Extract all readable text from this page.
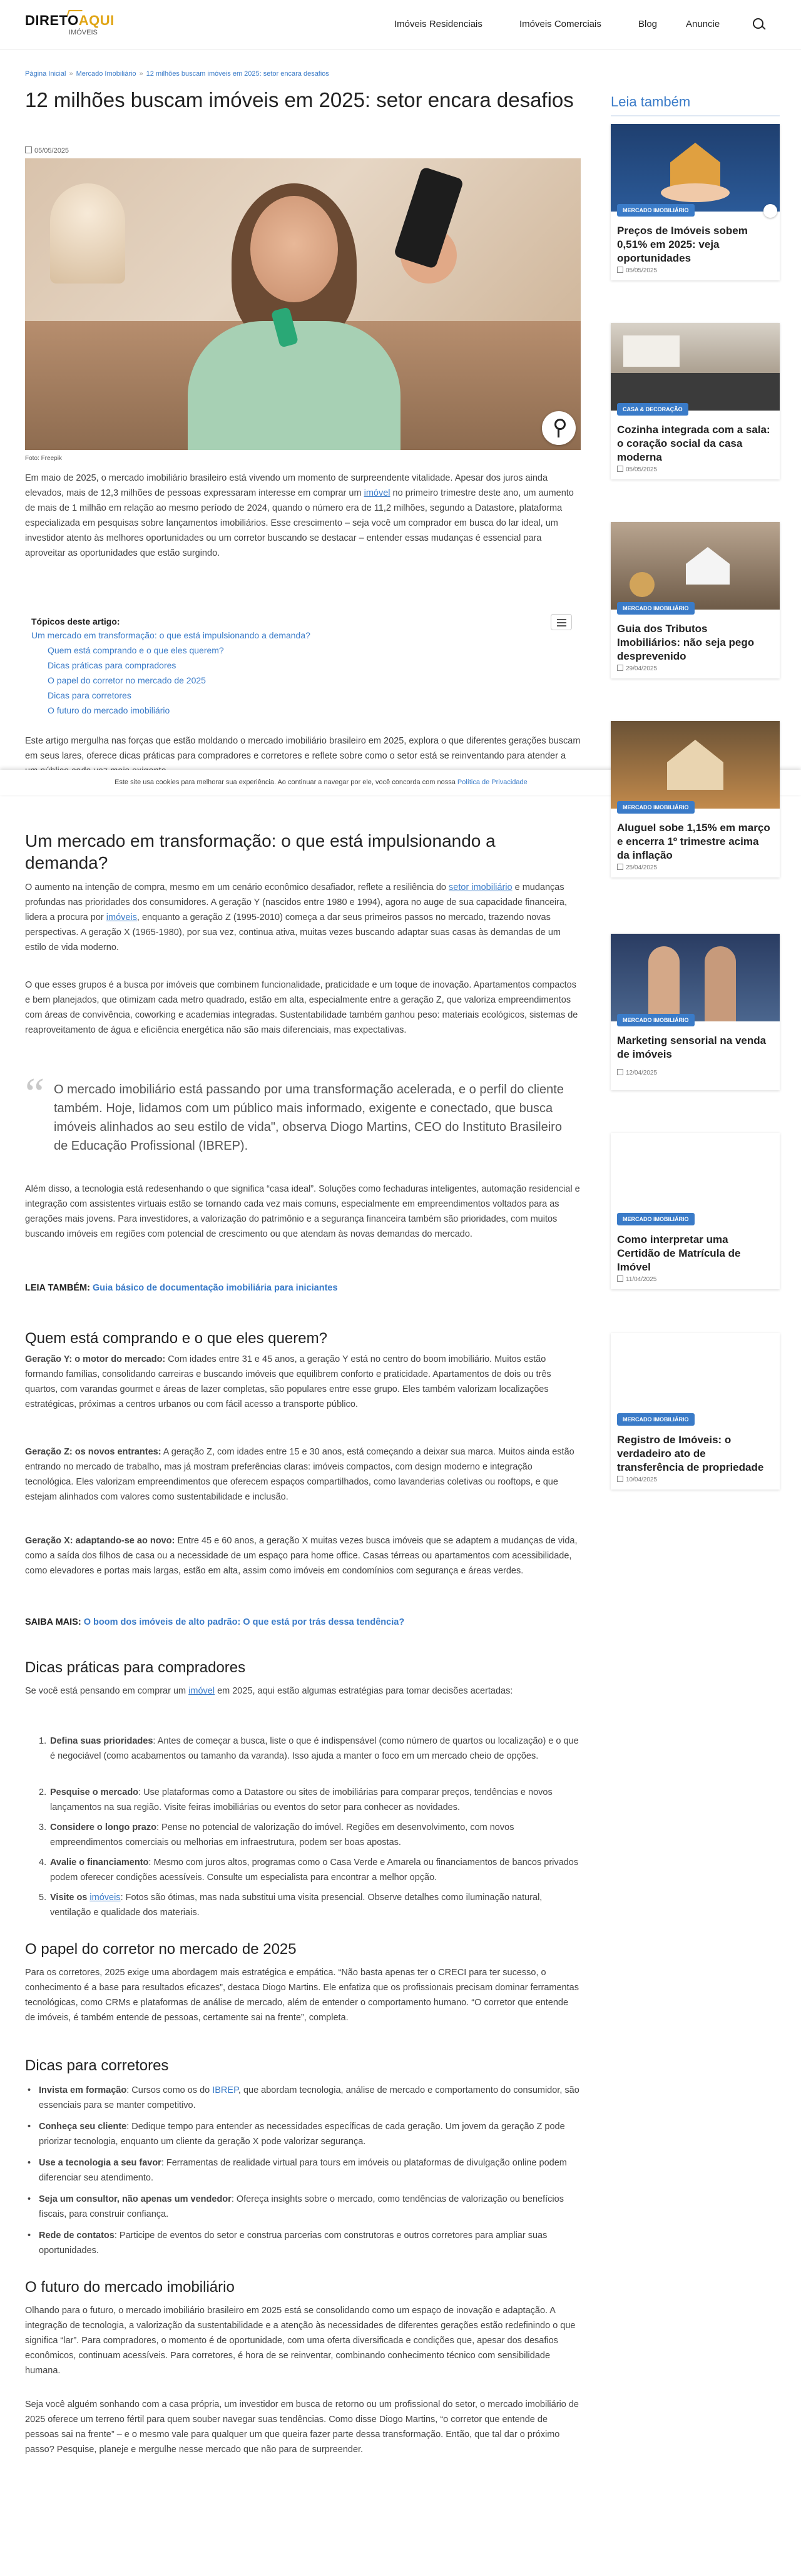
DIRETOAQUI
IMÓVEIS
Imóveis Residenciais	Imóveis Comerciais	Blog	Anuncie
Página Inicial » Mercado Imobiliário » 12 milhões buscam imóveis em 2025: setor encara desafios
12 milhões buscam imóveis em 2025: setor encara desafios
05/05/2025
Foto: Freepik

Em maio de 2025, o mercado imobiliário brasileiro está vivendo um momento de surpreendente vitalidade. Apesar dos juros ainda elevados, mais de 12,3 milhões de pessoas expressaram interesse em comprar um imóvel no primeiro trimestre deste ano, um aumento de mais de 1 milhão em relação ao mesmo período de 2024, quando o número era de 11,2 milhões, segundo a Datastore, plataforma especializada em pesquisas sobre lançamentos imobiliários. Esse crescimento – seja você um comprador em busca do lar ideal, um investidor atento às melhores oportunidades ou um corretor buscando se destacar – entender essas mudanças é essencial para aproveitar as oportunidades que estão surgindo.

Tópicos deste artigo:
Um mercado em transformação: o que está impulsionando a demanda?
Quem está comprando e o que eles querem?
Dicas práticas para compradores
O papel do corretor no mercado de 2025
Dicas para corretores
O futuro do mercado imobiliário

Este artigo mergulha nas forças que estão moldando o mercado imobiliário brasileiro em 2025, explora o que diferentes gerações buscam em seus lares, oferece dicas práticas para compradores e corretores e reflete sobre como o setor está se reinventando para atender a

Este site usa cookies para melhorar sua experiência. Ao continuar a navegar por ele, você concorda com nossa Política de Privacidade
Um mercado em transformação: o que está impulsionando a demanda?

O aumento na intenção de compra, mesmo em um cenário econômico desafiador, reflete a resiliência do setor imobiliário e mudanças profundas nas prioridades dos consumidores. A geração Y (nascidos entre 1980 e 1994), agora no auge de sua capacidade financeira, lidera a procura por imóveis, enquanto a geração Z (1995-2010) começa a dar seus primeiros passos no mercado, trazendo novas perspectivas. A geração X (1965-1980), por sua vez, continua ativa, muitas vezes buscando adaptar suas casas às demandas de um estilo de vida moderno.

O que esses grupos é a busca por imóveis que combinem funcionalidade, praticidade e um toque de inovação. Apartamentos compactos e bem planejados, que otimizam cada metro quadrado, estão em alta, especialmente entre a geração Z, que valoriza empreendimentos com áreas de convivência, coworking e academias integradas. Sustentabilidade também ganhou peso: materiais ecológicos, sistemas de reaproveitamento de água e eficiência energética não são mais diferenciais, mas expectativas.

“ O mercado imobiliário está passando por uma transformação acelerada, e o perfil do cliente também. Hoje, lidamos com um público mais informado, exigente e conectado, que busca imóveis alinhados ao seu estilo de vida", observa Diogo Martins, CEO do Instituto Brasileiro de Educação Profissional (IBREP).

Além disso, a tecnologia está redesenhando o que significa “casa ideal”. Soluções como fechaduras inteligentes, automação residencial e integração com assistentes virtuais estão se tornando cada vez mais comuns, especialmente em empreendimentos voltados para as gerações mais jovens. Para investidores, a valorização do patrimônio e a segurança financeira também são prioridades, com muitos buscando imóveis em regiões com potencial de crescimento ou que atendam às novas demandas do mercado.

LEIA TAMBÉM: Guia básico de documentação imobiliária para iniciantes
Quem está comprando e o que eles querem?

Geração Y: o motor do mercado: Com idades entre 31 e 45 anos, a geração Y está no centro do boom imobiliário. Muitos estão formando famílias, consolidando carreiras e buscando imóveis que equilibrem conforto e praticidade. Apartamentos de dois ou três quartos, com varandas gourmet e áreas de lazer completas, são populares entre esse grupo. Eles também valorizam localizações estratégicas, próximas a centros urbanos ou com fácil acesso a transporte público.

Geração Z: os novos entrantes: A geração Z, com idades entre 15 e 30 anos, está começando a deixar sua marca. Muitos ainda estão entrando no mercado de trabalho, mas já mostram preferências claras: imóveis compactos, com design moderno e integração tecnológica. Eles valorizam empreendimentos que oferecem espaços compartilhados, como lavanderias coletivas ou rooftops, e que estejam alinhados com valores como sustentabilidade e inclusão.

Geração X: adaptando-se ao novo: Entre 45 e 60 anos, a geração X muitas vezes busca imóveis que se adaptem a mudanças de vida, como a saída dos filhos de casa ou a necessidade de um espaço para home office. Casas térreas ou apartamentos com acessibilidade, como elevadores e portas mais largas, estão em alta, assim como imóveis em condomínios com segurança e áreas verdes.

SAIBA MAIS: O boom dos imóveis de alto padrão: O que está por trás dessa tendência?
Dicas práticas para compradores

Se você está pensando em comprar um imóvel em 2025, aqui estão algumas estratégias para tomar decisões acertadas:

1. Defina suas prioridades: Antes de começar a busca, liste o que é indispensável (como número de quartos ou localização) e o que é negociável (como acabamentos ou tamanho da varanda). Isso ajuda a manter o foco em um mercado cheio de opções.
2. Pesquise o mercado: Use plataformas como a Datastore ou sites de imobiliárias para comparar preços, tendências e novos lançamentos na sua região. Visite feiras imobiliárias ou eventos do setor para conhecer as novidades.
3. Considere o longo prazo: Pense no potencial de valorização do imóvel. Regiões em desenvolvimento, com novos empreendimentos comerciais ou melhorias em infraestrutura, podem ser boas apostas.
4. Avalie o financiamento: Mesmo com juros altos, programas como o Casa Verde e Amarela ou financiamentos de bancos privados podem oferecer condições acessíveis. Consulte um especialista para encontrar a melhor opção.
5. Visite os imóveis: Fotos são ótimas, mas nada substitui uma visita presencial. Observe detalhes como iluminação natural, ventilação e qualidade dos materiais.
O papel do corretor no mercado de 2025

Para os corretores, 2025 exige uma abordagem mais estratégica e empática. “Não basta apenas ter o CRECI para ter sucesso, o conhecimento é a base para resultados eficazes”, destaca Diogo Martins. Ele enfatiza que os profissionais precisam dominar ferramentas tecnológicas, como CRMs e plataformas de análise de mercado, além de entender o comportamento humano. “O corretor que entende de imóveis, é também entende de pessoas, certamente sai na frente”, completa.

Dicas para corretores
• Invista em formação: Cursos como os do IBREP, que abordam tecnologia, análise de mercado e comportamento do consumidor, são essenciais para se manter competitivo.
• Conheça seu cliente: Dedique tempo para entender as necessidades específicas de cada geração. Um jovem da geração Z pode priorizar tecnologia, enquanto um cliente da geração X pode valorizar segurança.
• Use a tecnologia a seu favor: Ferramentas de realidade virtual para tours em imóveis ou plataformas de divulgação online podem diferenciar seu atendimento.
• Seja um consultor, não apenas um vendedor: Ofereça insights sobre o mercado, como tendências de valorização ou benefícios fiscais, para construir confiança.
• Rede de contatos: Participe de eventos do setor e construa parcerias com construtoras e outros corretores para ampliar suas oportunidades.
O futuro do mercado imobiliário

Olhando para o futuro, o mercado imobiliário brasileiro em 2025 está se consolidando como um espaço de inovação e adaptação. A integração de tecnologia, a valorização da sustentabilidade e a atenção às necessidades de diferentes gerações estão redefinindo o que significa “lar”. Para compradores, o momento é de oportunidade, com uma oferta diversificada e condições que, apesar dos desafios econômicos, continuam acessíveis. Para corretores, é hora de se reinventar, combinando conhecimento técnico com sensibilidade humana.

Seja você alguém sonhando com a casa própria, um investidor em busca de retorno ou um profissional do setor, o mercado imobiliário de 2025 oferece um terreno fértil para quem souber navegar suas tendências. Como disse Diogo Martins, “o corretor que entende de pessoas sai na frente” – e o mesmo vale para qualquer um que queira fazer parte dessa transformação. Então, que tal dar o próximo passo? Pesquise, planeje e mergulhe nesse mercado que não para de surpreender.

Leia também
MERCADO IMOBILIÁRIO
Preços de Imóveis sobem 0,51% em 2025: veja oportunidades
05/05/2025
CASA & DECORAÇÃO
Cozinha integrada com a sala: o coração social da casa moderna
05/05/2025
MERCADO IMOBILIÁRIO
Guia dos Tributos Imobiliários: não seja pego desprevenido
29/04/2025
MERCADO IMOBILIÁRIO
Aluguel sobe 1,15% em março e encerra 1º trimestre acima da inflação
25/04/2025
MERCADO IMOBILIÁRIO
Marketing sensorial na venda de imóveis
12/04/2025
MERCADO IMOBILIÁRIO
Como interpretar uma Certidão de Matrícula de Imóvel
11/04/2025
MERCADO IMOBILIÁRIO
Registro de Imóveis: o verdadeiro ato de transferência de propriedade
10/04/2025
